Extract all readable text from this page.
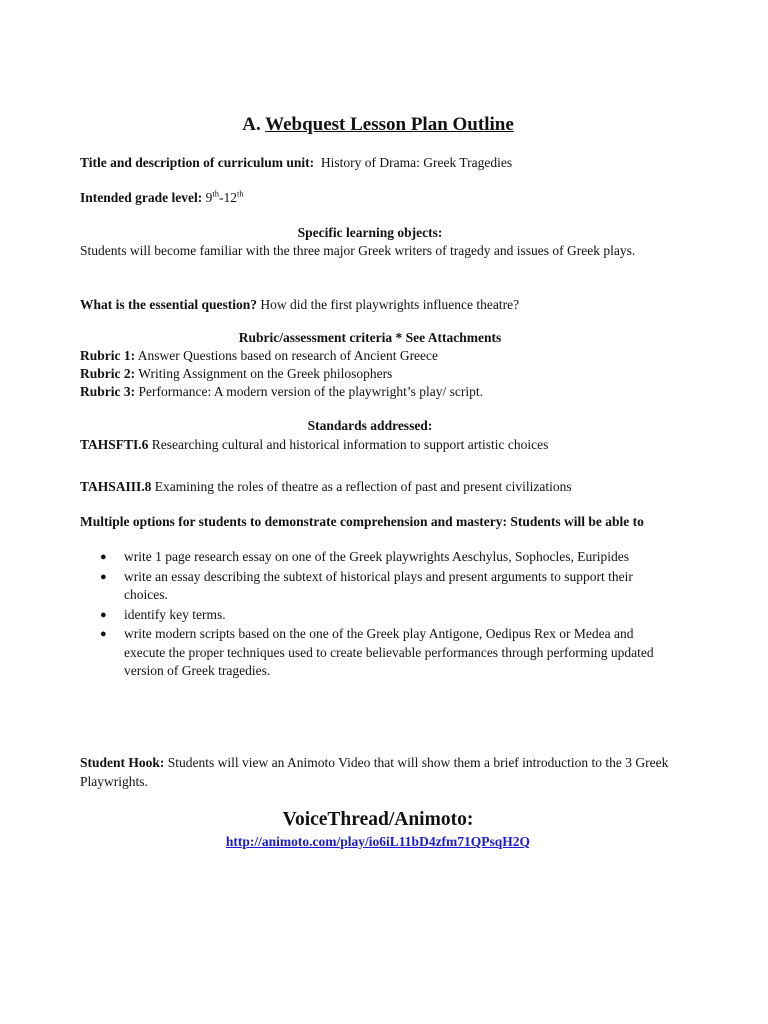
A. Webquest Lesson Plan Outline
Title and description of curriculum unit: History of Drama: Greek Tragedies
Intended grade level: 9th-12th
Specific learning objects:
Students will become familiar with the three major Greek writers of tragedy and issues of Greek plays.
What is the essential question? How did the first playwrights influence theatre?
Rubric/assessment criteria * See Attachments
Rubric 1: Answer Questions based on research of Ancient Greece
Rubric 2: Writing Assignment on the Greek philosophers
Rubric 3: Performance: A modern version of the playwright’s play/ script.
Standards addressed:
TAHSFTI.6 Researching cultural and historical information to support artistic choices
TAHSAIII.8 Examining the roles of theatre as a reflection of past and present civilizations
Multiple options for students to demonstrate comprehension and mastery: Students will be able to
● write 1 page research essay on one of the Greek playwrights Aeschylus, Sophocles, Euripides
● write an essay describing the subtext of historical plays and present arguments to support their choices.
● identify key terms.
● write modern scripts based on the one of the Greek play Antigone, Oedipus Rex or Medea and execute the proper techniques used to create believable performances through performing updated version of Greek tragedies.
Student Hook: Students will view an Animoto Video that will show them a brief introduction to the 3 Greek Playwrights.
VoiceThread/Animoto:
http://animoto.com/play/io6iL11bD4zfm71QPsqH2Q
